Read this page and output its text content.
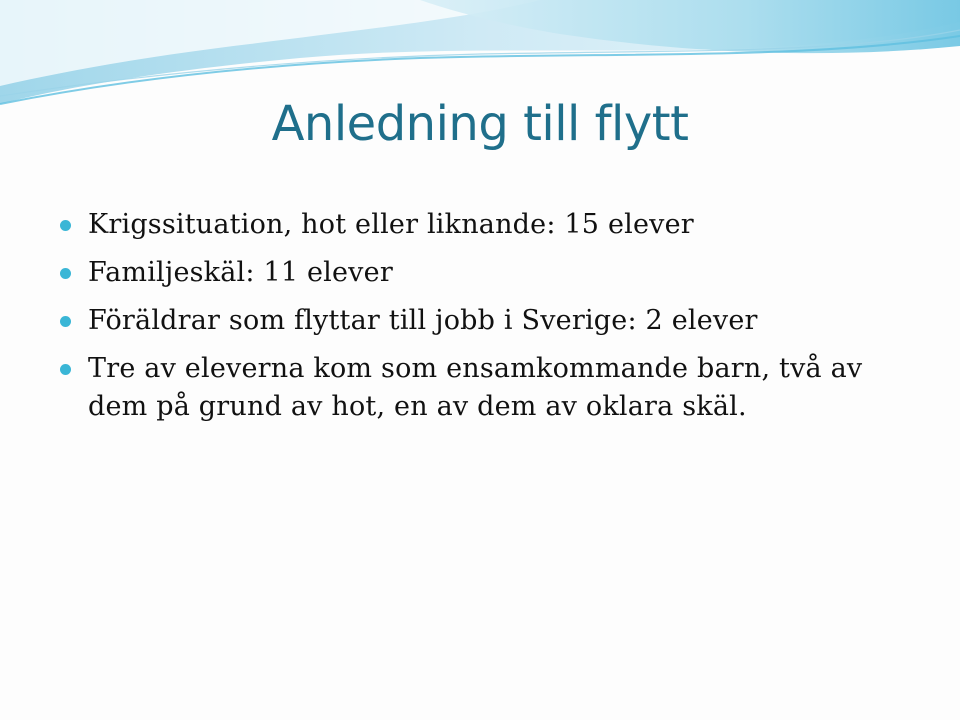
Anledning till flytt
Krigssituation, hot eller liknande: 15 elever
Familjeskäl: 11 elever
Föräldrar som flyttar till jobb i Sverige: 2 elever
Tre av eleverna kom som ensamkommande barn, två av dem på grund av hot, en av dem av oklara skäl.
